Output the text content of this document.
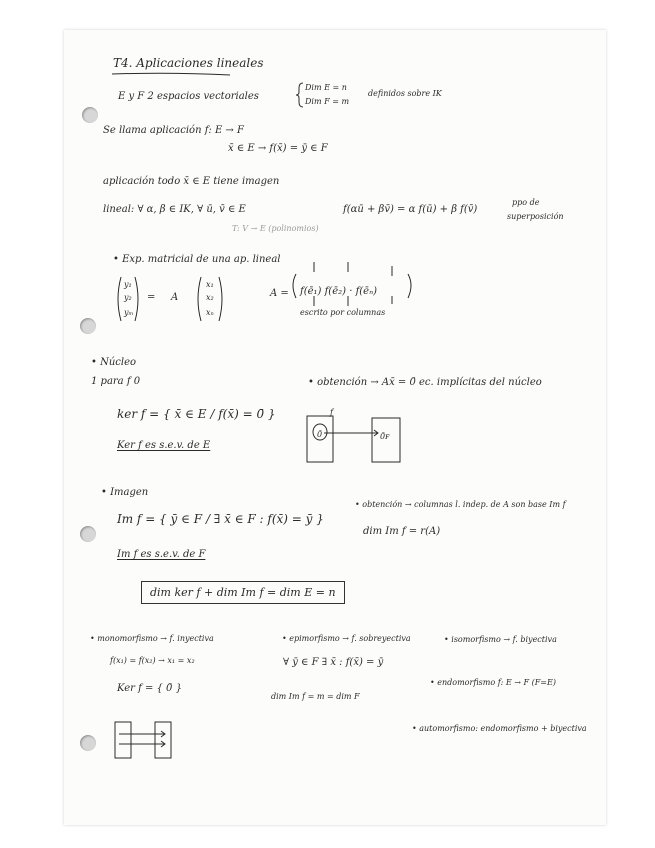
T4. Aplicaciones lineales
E y F 2 espacios vectoriales
Dim E = n
Dim F = m
definidos sobre IK
Se llama aplicación f: E → F
x̄ ∈ E → f(x̄) = ȳ ∈ F
aplicación todo x̄ ∈ E tiene imagen
lineal: ∀ α, β ∈ IK, ∀ ū, v̄ ∈ E	f(αū + βv̄) = α f(ū) + β f(v̄)
ppo de
superposición
T: V → E (polinomios)
• Exp. matricial de una ap. lineal
y₁
y₂
yₘ
= A
x₁
x₂
xₙ
A = f(ē₁) f(ē₂) · f(ēₙ)
escrito por columnas
• Núcleo
1 para f 0	• obtención → Ax̄ = 0̄ ec. implícitas del núcleo
ker f = { x̄ ∈ E / f(x̄) = 0̄ }
Ker f es s.e.v. de E
0̄	0̄ꜰ
f
• Imagen
Im f = { ȳ ∈ F / ∃ x̄ ∈ F : f(x̄) = ȳ }
• obtención → columnas l. indep. de A son base Im f
dim Im f = r(A)
Im f es s.e.v. de F
dim ker f + dim Im f = dim E = n
• monomorfismo → f. inyectiva
f(x₁) = f(x₂) → x₁ = x₂
Ker f = { 0̄ }
• epimorfismo → f. sobreyectiva
∀ ȳ ∈ F ∃ x̄ : f(x̄) = ȳ
dim Im f = m = dim F
• isomorfismo → f. biyectiva
• endomorfismo f: E → F (F=E)
• automorfismo: endomorfismo + biyectiva
